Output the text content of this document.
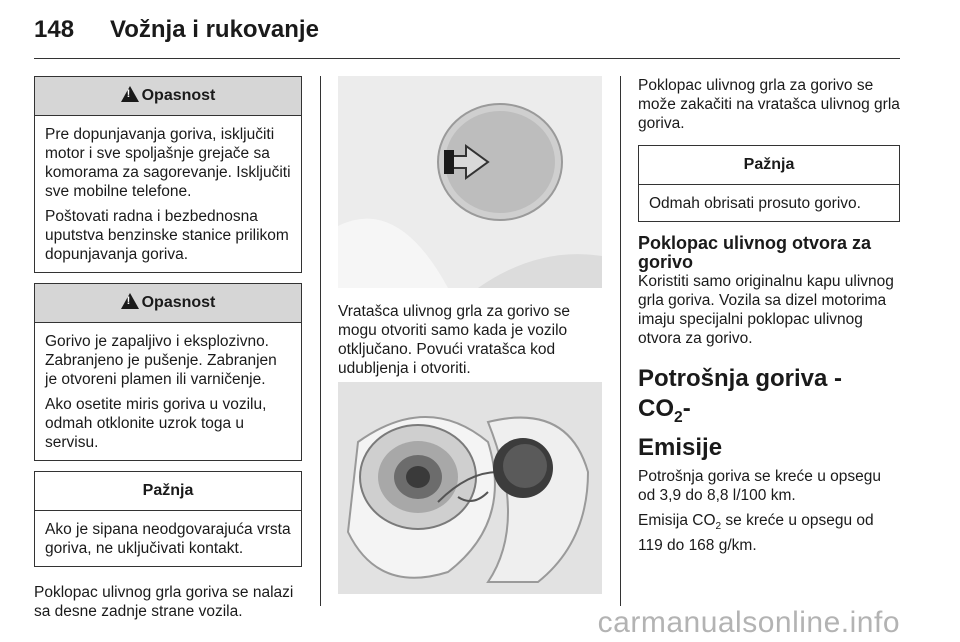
148 Vožnja i rukovanje
!Opasnost

Pre dopunjavanja goriva, isključiti motor i sve spoljašnje grejače sa komorama za sagorevanje. Isključiti sve mobilne telefone.

Poštovati radna i bezbednosna uputstva benzinske stanice prilikom dopunjavanja goriva.

!Opasnost

Gorivo je zapaljivo i eksplozivno. Zabranjeno je pušenje. Zabranjen je otvoreni plamen ili varničenje.

Ako osetite miris goriva u vozilu, odmah otklonite uzrok toga u servisu.

Pažnja

Ako je sipana neodgovarajuća vrsta goriva, ne uključivati kontakt.

Poklopac ulivnog grla goriva se nalazi sa desne zadnje strane vozila.

Vratašca ulivnog grla za gorivo se mogu otvoriti samo kada je vozilo otključano. Povući vratašca kod udubljenja i otvoriti.

Poklopac ulivnog grla za gorivo se može zakačiti na vratašca ulivnog grla goriva.

Pažnja

Odmah obrisati prosuto gorivo.

Poklopac ulivnog otvora za gorivo

Koristiti samo originalnu kapu ulivnog grla goriva. Vozila sa dizel motorima imaju specijalni poklopac ulivnog otvora za gorivo.

Potrošnja goriva - $CO_2-$

Emisije

Potrošnja goriva se kreće u opsegu od 3,9 do 8,8 l/100 km.

Emisija $CO_2$ se kreće u opsegu od 119 do 168 g/km.

carmanualsonline.info
